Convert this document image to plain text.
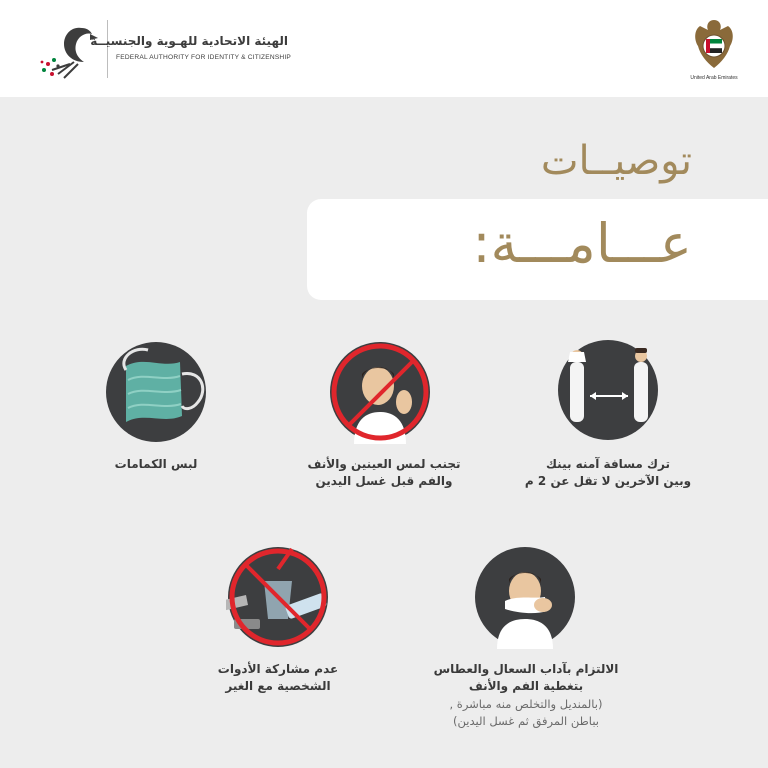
الهيئة الاتحادية للهـوية والجنسيــة
FEDERAL AUTHORITY FOR IDENTITY & CITIZENSHIP
United Arab Emirates
توصيــات
عـــامـــة:
ترك مسافة آمنه بينك
وبين الآخرين لا تقل عن 2 م
تجنب لمس العينين والأنف
والفم قبل غسل اليدين
لبس الكمامات
الالتزام بآداب السعال والعطاس
بتغطية الفم والأنف
(بالمنديل والتخلص منه مباشرة ,
بباطن المرفق ثم غسل اليدين)
عدم مشاركة الأدوات
الشخصية مع الغير
